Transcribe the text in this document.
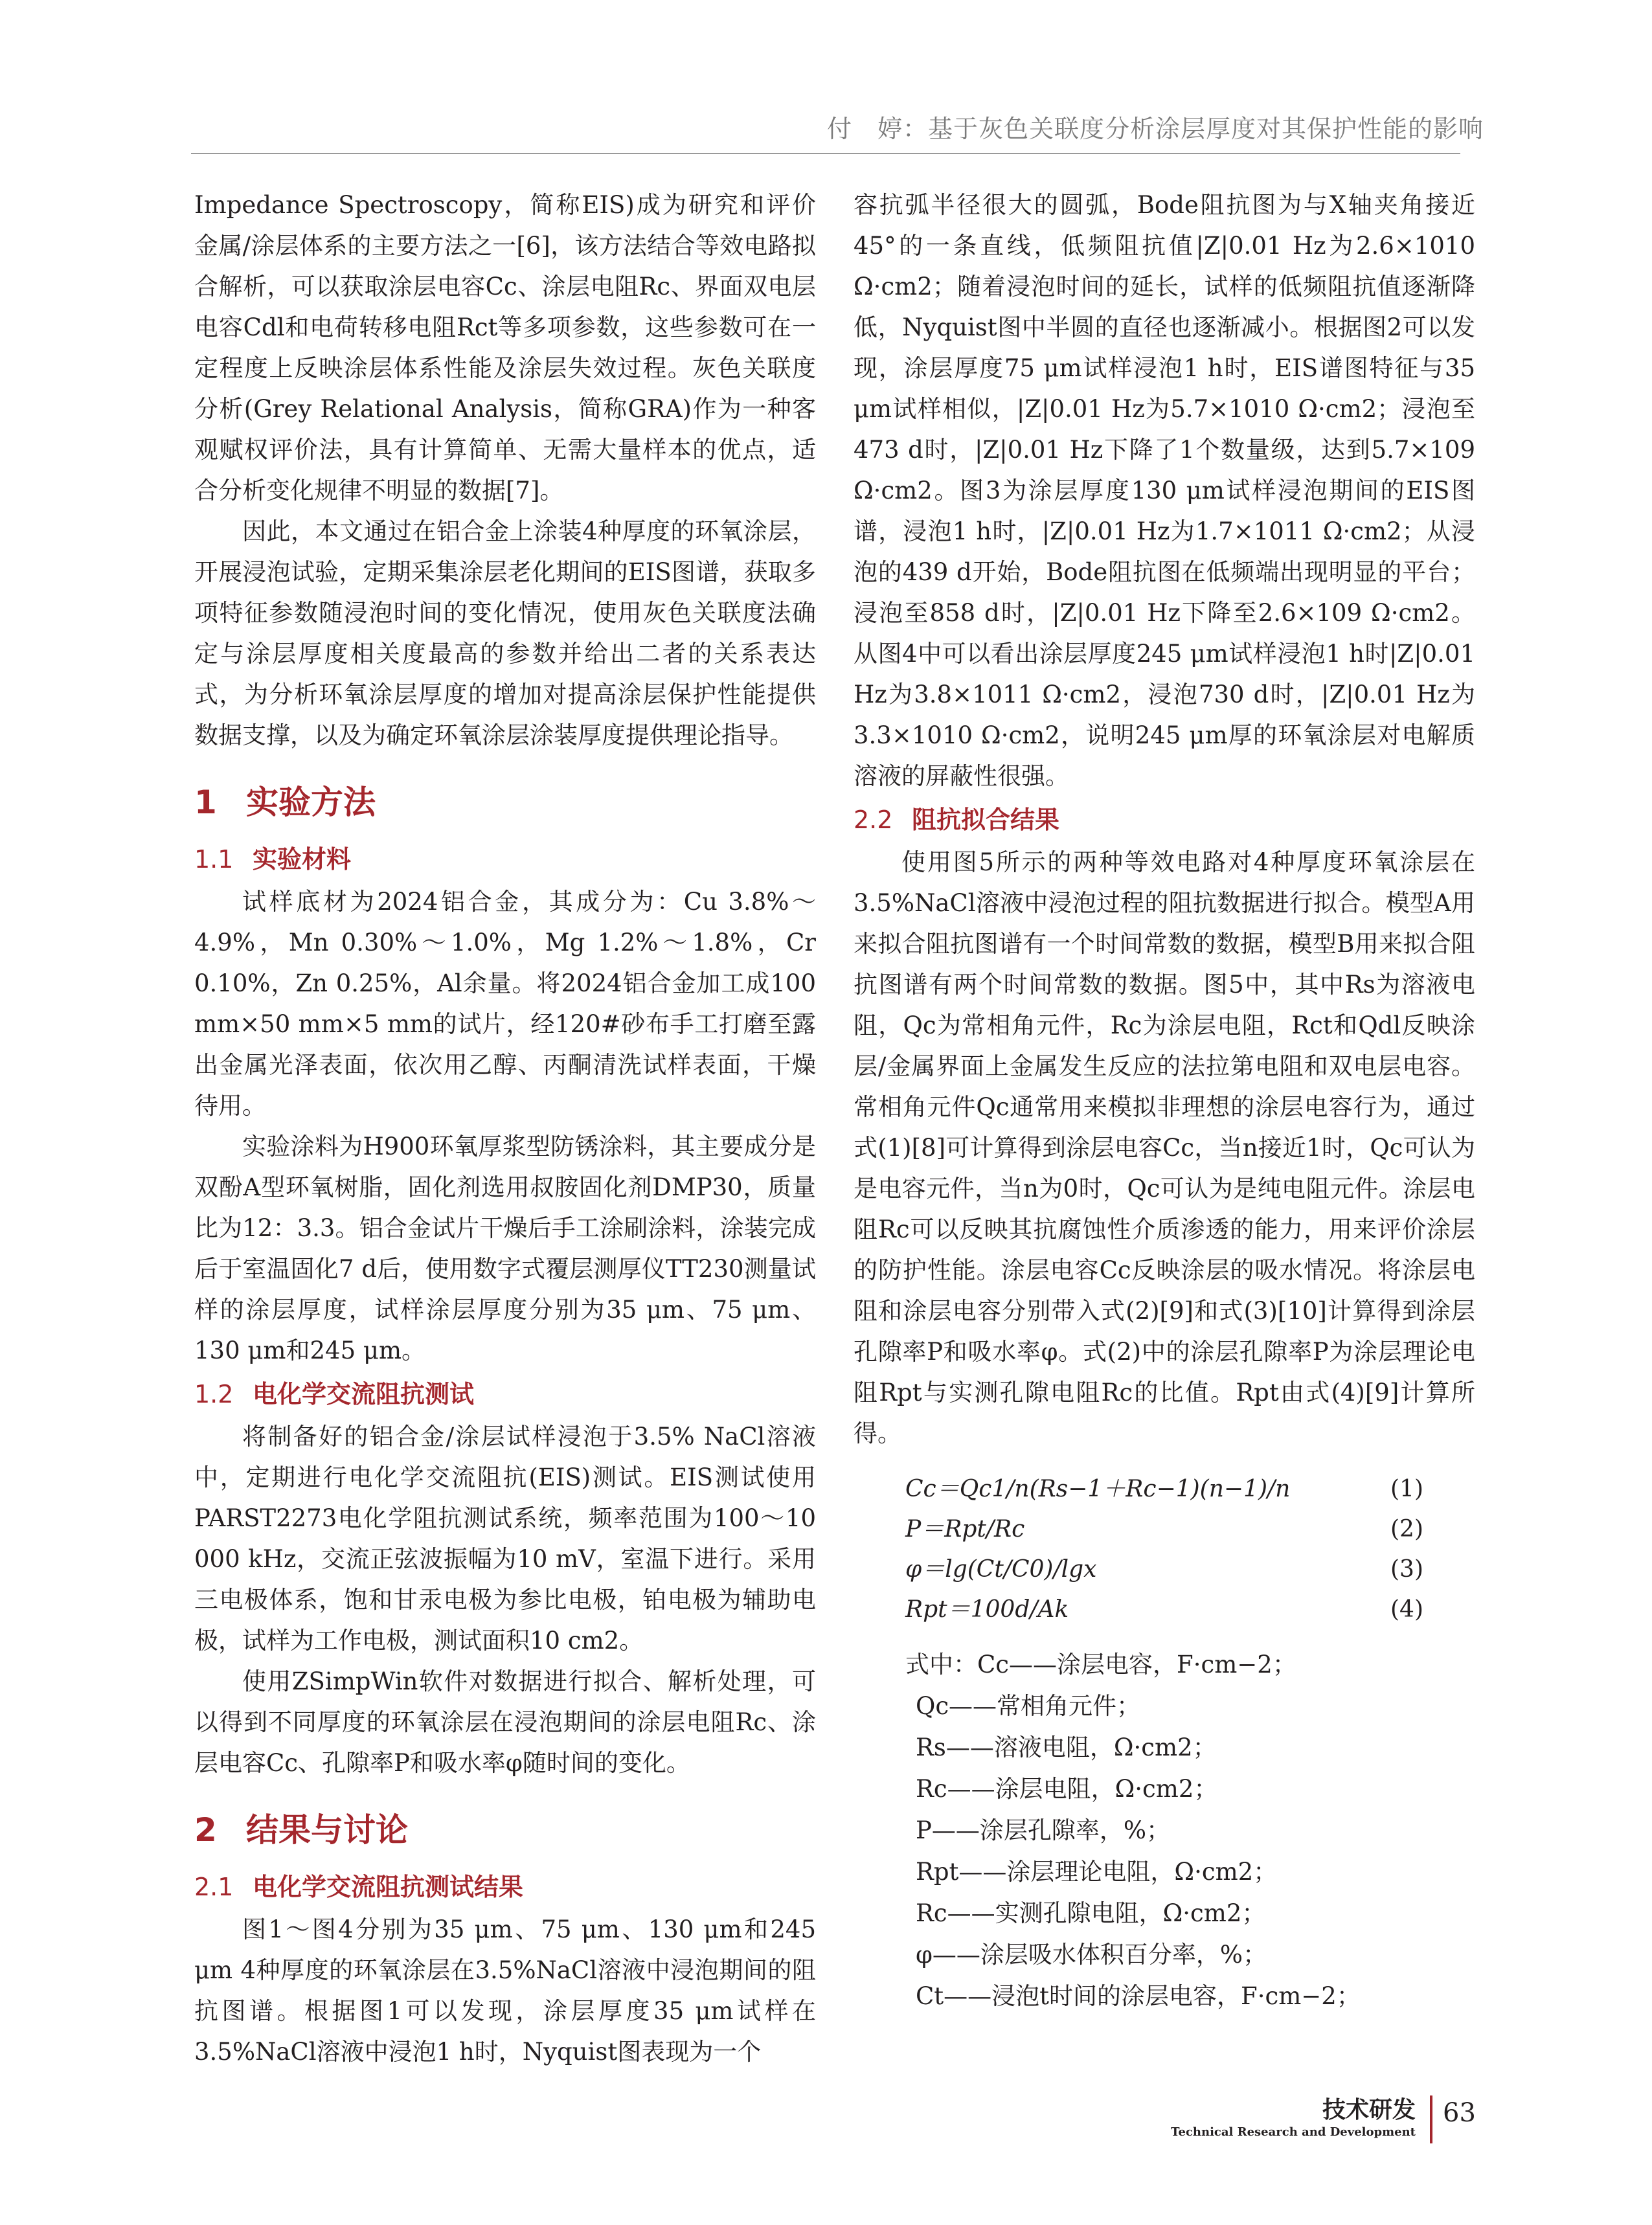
付　婷：基于灰色关联度分析涂层厚度对其保护性能的影响

Impedance Spectroscopy，简称EIS)成为研究和评价金属/涂层体系的主要方法之一[6]，该方法结合等效电路拟合解析，可以获取涂层电容Cc、涂层电阻Rc、界面双电层电容Cdl和电荷转移电阻Rct等多项参数，这些参数可在一定程度上反映涂层体系性能及涂层失效过程。灰色关联度分析(Grey Relational Analysis，简称GRA)作为一种客观赋权评价法，具有计算简单、无需大量样本的优点，适合分析变化规律不明显的数据[7]。

因此，本文通过在铝合金上涂装4种厚度的环氧涂层，开展浸泡试验，定期采集涂层老化期间的EIS图谱，获取多项特征参数随浸泡时间的变化情况，使用灰色关联度法确定与涂层厚度相关度最高的参数并给出二者的关系表达式，为分析环氧涂层厚度的增加对提高涂层保护性能提供数据支撑，以及为确定环氧涂层涂装厚度提供理论指导。

1 实验方法
1.1 实验材料

试样底材为2024铝合金，其成分为：Cu 3.8%～4.9%，Mn 0.30%～1.0%，Mg 1.2%～1.8%，Cr 0.10%，Zn 0.25%，Al余量。将2024铝合金加工成100 mm×50 mm×5 mm的试片，经120#砂布手工打磨至露出金属光泽表面，依次用乙醇、丙酮清洗试样表面，干燥待用。

实验涂料为H900环氧厚浆型防锈涂料，其主要成分是双酚A型环氧树脂，固化剂选用叔胺固化剂DMP30，质量比为12：3.3。铝合金试片干燥后手工涂刷涂料，涂装完成后于室温固化7 d后，使用数字式覆层测厚仪TT230测量试样的涂层厚度，试样涂层厚度分别为35 μm、75 μm、130 μm和245 μm。

1.2 电化学交流阻抗测试

将制备好的铝合金/涂层试样浸泡于3.5% NaCl溶液中，定期进行电化学交流阻抗(EIS)测试。EIS测试使用PARST2273电化学阻抗测试系统，频率范围为100～10 000 kHz，交流正弦波振幅为10 mV，室温下进行。采用三电极体系，饱和甘汞电极为参比电极，铂电极为辅助电极，试样为工作电极，测试面积10 cm2。

使用ZSimpWin软件对数据进行拟合、解析处理，可以得到不同厚度的环氧涂层在浸泡期间的涂层电阻Rc、涂层电容Cc、孔隙率P和吸水率φ随时间的变化。

2 结果与讨论
2.1 电化学交流阻抗测试结果

图1～图4分别为35 μm、75 μm、130 μm和245 μm 4种厚度的环氧涂层在3.5%NaCl溶液中浸泡期间的阻抗图谱。根据图1可以发现，涂层厚度35 μm试样在3.5%NaCl溶液中浸泡1 h时，Nyquist图表现为一个

容抗弧半径很大的圆弧，Bode阻抗图为与X轴夹角接近45°的一条直线，低频阻抗值|Z|0.01 Hz为2.6×1010 Ω·cm2；随着浸泡时间的延长，试样的低频阻抗值逐渐降低，Nyquist图中半圆的直径也逐渐减小。根据图2可以发现，涂层厚度75 μm试样浸泡1 h时，EIS谱图特征与35 μm试样相似，|Z|0.01 Hz为5.7×1010 Ω·cm2；浸泡至473 d时，|Z|0.01 Hz下降了1个数量级，达到5.7×109 Ω·cm2。图3为涂层厚度130 μm试样浸泡期间的EIS图谱，浸泡1 h时，|Z|0.01 Hz为1.7×1011 Ω·cm2；从浸泡的439 d开始，Bode阻抗图在低频端出现明显的平台；浸泡至858 d时，|Z|0.01 Hz下降至2.6×109 Ω·cm2。从图4中可以看出涂层厚度245 μm试样浸泡1 h时|Z|0.01 Hz为3.8×1011 Ω·cm2，浸泡730 d时，|Z|0.01 Hz为3.3×1010 Ω·cm2，说明245 μm厚的环氧涂层对电解质溶液的屏蔽性很强。

2.2 阻抗拟合结果

使用图5所示的两种等效电路对4种厚度环氧涂层在3.5%NaCl溶液中浸泡过程的阻抗数据进行拟合。模型A用来拟合阻抗图谱有一个时间常数的数据，模型B用来拟合阻抗图谱有两个时间常数的数据。图5中，其中Rs为溶液电阻，Qc为常相角元件，Rc为涂层电阻，Rct和Qdl反映涂层/金属界面上金属发生反应的法拉第电阻和双电层电容。常相角元件Qc通常用来模拟非理想的涂层电容行为，通过式(1)[8]可计算得到涂层电容Cc，当n接近1时，Qc可认为是电容元件，当n为0时，Qc可认为是纯电阻元件。涂层电阻Rc可以反映其抗腐蚀性介质渗透的能力，用来评价涂层的防护性能。涂层电容Cc反映涂层的吸水情况。将涂层电阻和涂层电容分别带入式(2)[9]和式(3)[10]计算得到涂层孔隙率P和吸水率φ。式(2)中的涂层孔隙率P为涂层理论电阻Rpt与实测孔隙电阻Rc的比值。Rpt由式(4)[9]计算所得。

Cc＝Qc1/n(Rs−1＋Rc−1)(n−1)/n	(1)
P＝Rpt/Rc	(2)
φ＝lg(Ct/C0)/lgx	(3)
Rpt＝100d/Ak	(4)
式中：Cc——涂层电容，F·cm−2；
Qc——常相角元件；
Rs——溶液电阻，Ω·cm2；
Rc——涂层电阻，Ω·cm2；
P——涂层孔隙率，%；
Rpt——涂层理论电阻，Ω·cm2；
Rc——实测孔隙电阻，Ω·cm2；
φ——涂层吸水体积百分率，%；
Ct——浸泡t时间的涂层电容，F·cm−2；
技术研发
Technical Research and Development
63
